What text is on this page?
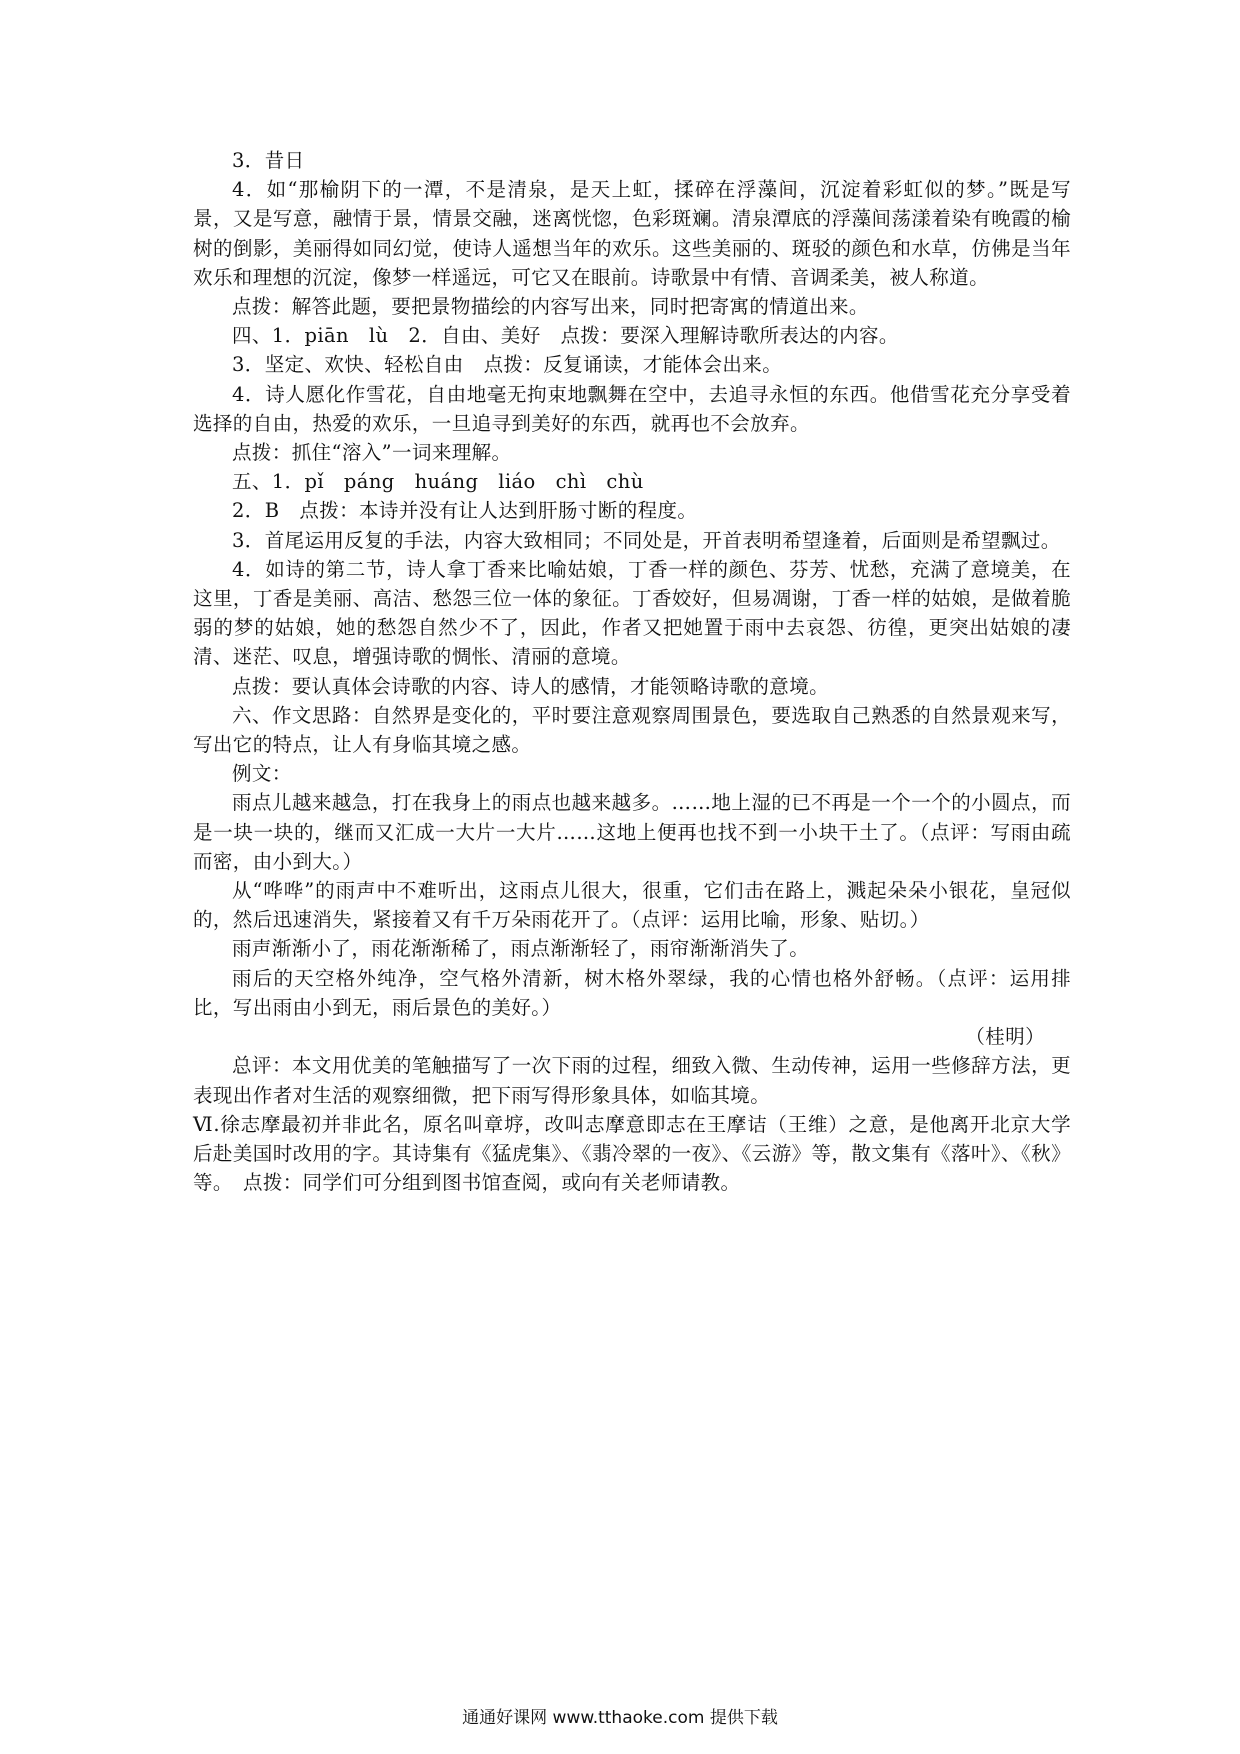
3．昔日

4．如“那榆阴下的一潭，不是清泉，是天上虹，揉碎在浮藻间，沉淀着彩虹似的梦。”既是写景，又是写意，融情于景，情景交融，迷离恍惚，色彩斑斓。清泉潭底的浮藻间荡漾着染有晚霞的榆树的倒影，美丽得如同幻觉，使诗人遥想当年的欢乐。这些美丽的、斑驳的颜色和水草，仿佛是当年欢乐和理想的沉淀，像梦一样遥远，可它又在眼前。诗歌景中有情、音调柔美，被人称道。

点拨：解答此题，要把景物描绘的内容写出来，同时把寄寓的情道出来。

四、1．piān　lù　2．自由、美好　点拨：要深入理解诗歌所表达的内容。

3．坚定、欢快、轻松自由　点拨：反复诵读，才能体会出来。

4．诗人愿化作雪花，自由地毫无拘束地飘舞在空中，去追寻永恒的东西。他借雪花充分享受着选择的自由，热爱的欢乐，一旦追寻到美好的东西，就再也不会放弃。

点拨：抓住“溶入”一词来理解。

五、1．pǐ　páng　huáng　liáo　chì　chù

2．B　点拨：本诗并没有让人达到肝肠寸断的程度。

3．首尾运用反复的手法，内容大致相同；不同处是，开首表明希望逢着，后面则是希望飘过。

4．如诗的第二节，诗人拿丁香来比喻姑娘，丁香一样的颜色、芬芳、忧愁，充满了意境美，在这里，丁香是美丽、高洁、愁怨三位一体的象征。丁香姣好，但易凋谢，丁香一样的姑娘，是做着脆弱的梦的姑娘，她的愁怨自然少不了，因此，作者又把她置于雨中去哀怨、彷徨，更突出姑娘的凄清、迷茫、叹息，增强诗歌的惆怅、清丽的意境。

点拨：要认真体会诗歌的内容、诗人的感情，才能领略诗歌的意境。

六、作文思路：自然界是变化的，平时要注意观察周围景色，要选取自己熟悉的自然景观来写，写出它的特点，让人有身临其境之感。

例文：

雨点儿越来越急，打在我身上的雨点也越来越多。……地上湿的已不再是一个一个的小圆点，而是一块一块的，继而又汇成一大片一大片……这地上便再也找不到一小块干土了。（点评：写雨由疏而密，由小到大。）

从“哗哗”的雨声中不难听出，这雨点儿很大，很重，它们击在路上，溅起朵朵小银花，皇冠似的，然后迅速消失，紧接着又有千万朵雨花开了。（点评：运用比喻，形象、贴切。）

雨声渐渐小了，雨花渐渐稀了，雨点渐渐轻了，雨帘渐渐消失了。

雨后的天空格外纯净，空气格外清新，树木格外翠绿，我的心情也格外舒畅。（点评：运用排比，写出雨由小到无，雨后景色的美好。）

（桂明）

总评：本文用优美的笔触描写了一次下雨的过程，细致入微、生动传神，运用一些修辞方法，更表现出作者对生活的观察细微，把下雨写得形象具体，如临其境。

Ⅵ.徐志摩最初并非此名，原名叫章垿，改叫志摩意即志在王摩诘（王维）之意，是他离开北京大学后赴美国时改用的字。其诗集有《猛虎集》、《翡冷翠的一夜》、《云游》等，散文集有《落叶》、《秋》等。　点拨：同学们可分组到图书馆查阅，或向有关老师请教。

通通好课网 www.tthaoke.com 提供下载
